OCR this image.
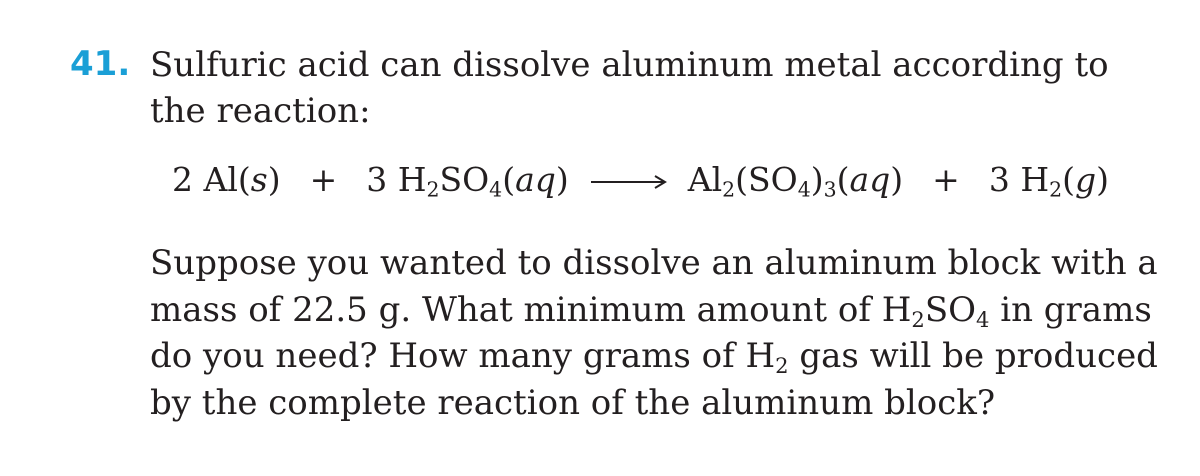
41. Sulfuric acid can dissolve aluminum metal according to the reaction:
2 Al(s) + 3 $H_2SO_4(aq) \to Al_2(SO_4)_3(aq) + 3$ $H_2(g)$
Suppose you wanted to dissolve an aluminum block with a mass of 22.5 g. What minimum amount of $H_2SO_4$ in grams do you need? How many grams of $H_2$ gas will be produced by the complete reaction of the aluminum block?
